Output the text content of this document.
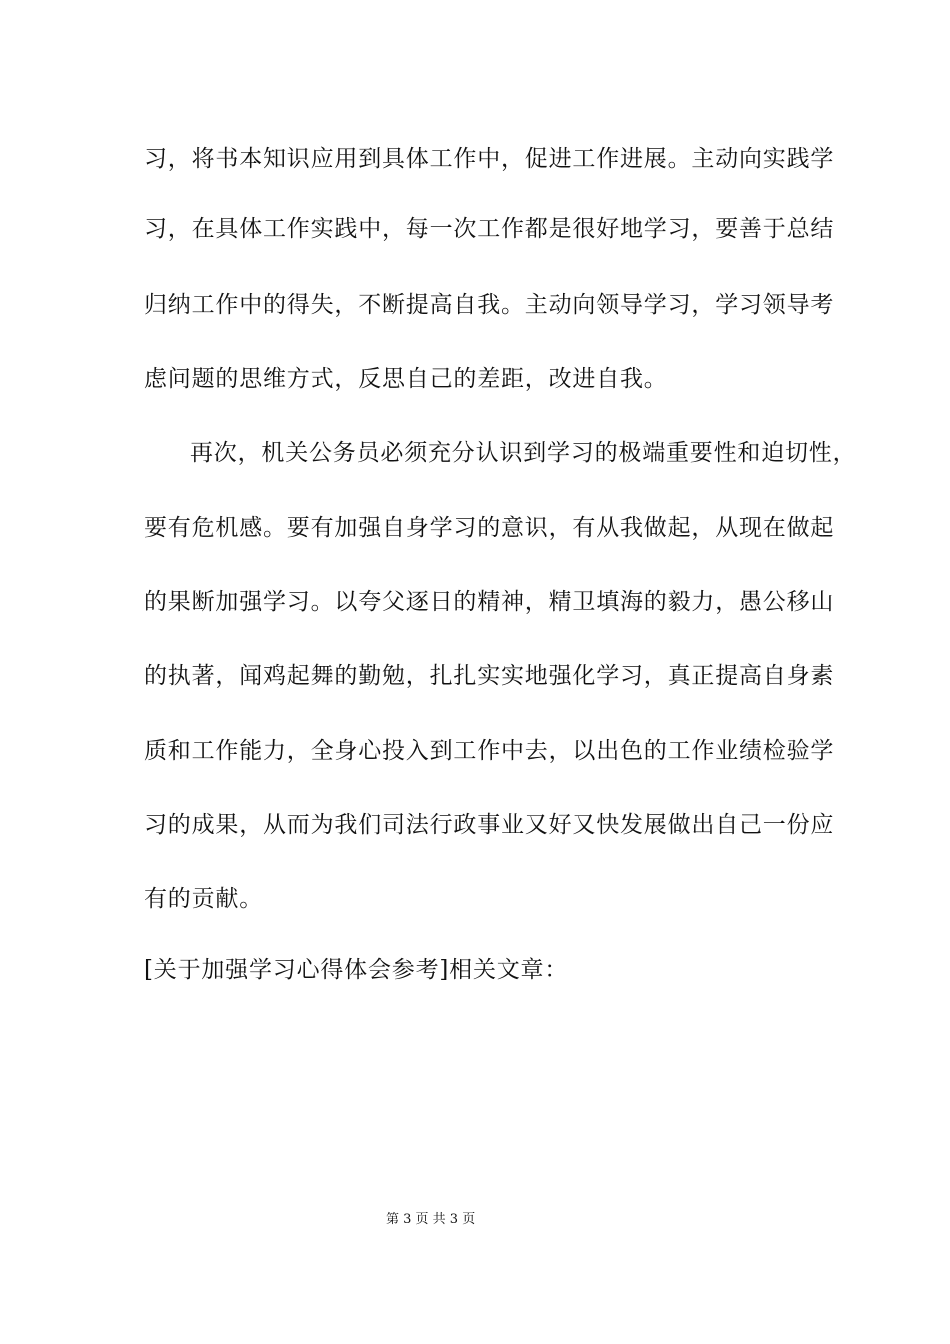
习，将书本知识应用到具体工作中，促进工作进展。主动向实践学
习，在具体工作实践中，每一次工作都是很好地学习，要善于总结
归纳工作中的得失，不断提高自我。主动向领导学习，学习领导考
虑问题的思维方式，反思自己的差距，改进自我。
再次，机关公务员必须充分认识到学习的极端重要性和迫切性，
要有危机感。要有加强自身学习的意识，有从我做起，从现在做起
的果断加强学习。以夸父逐日的精神，精卫填海的毅力，愚公移山
的执著，闻鸡起舞的勤勉，扎扎实实地强化学习，真正提高自身素
质和工作能力，全身心投入到工作中去，以出色的工作业绩检验学
习的成果，从而为我们司法行政事业又好又快发展做出自己一份应
有的贡献。
[关于加强学习心得体会参考]相关文章：
第 3 页 共 3 页
